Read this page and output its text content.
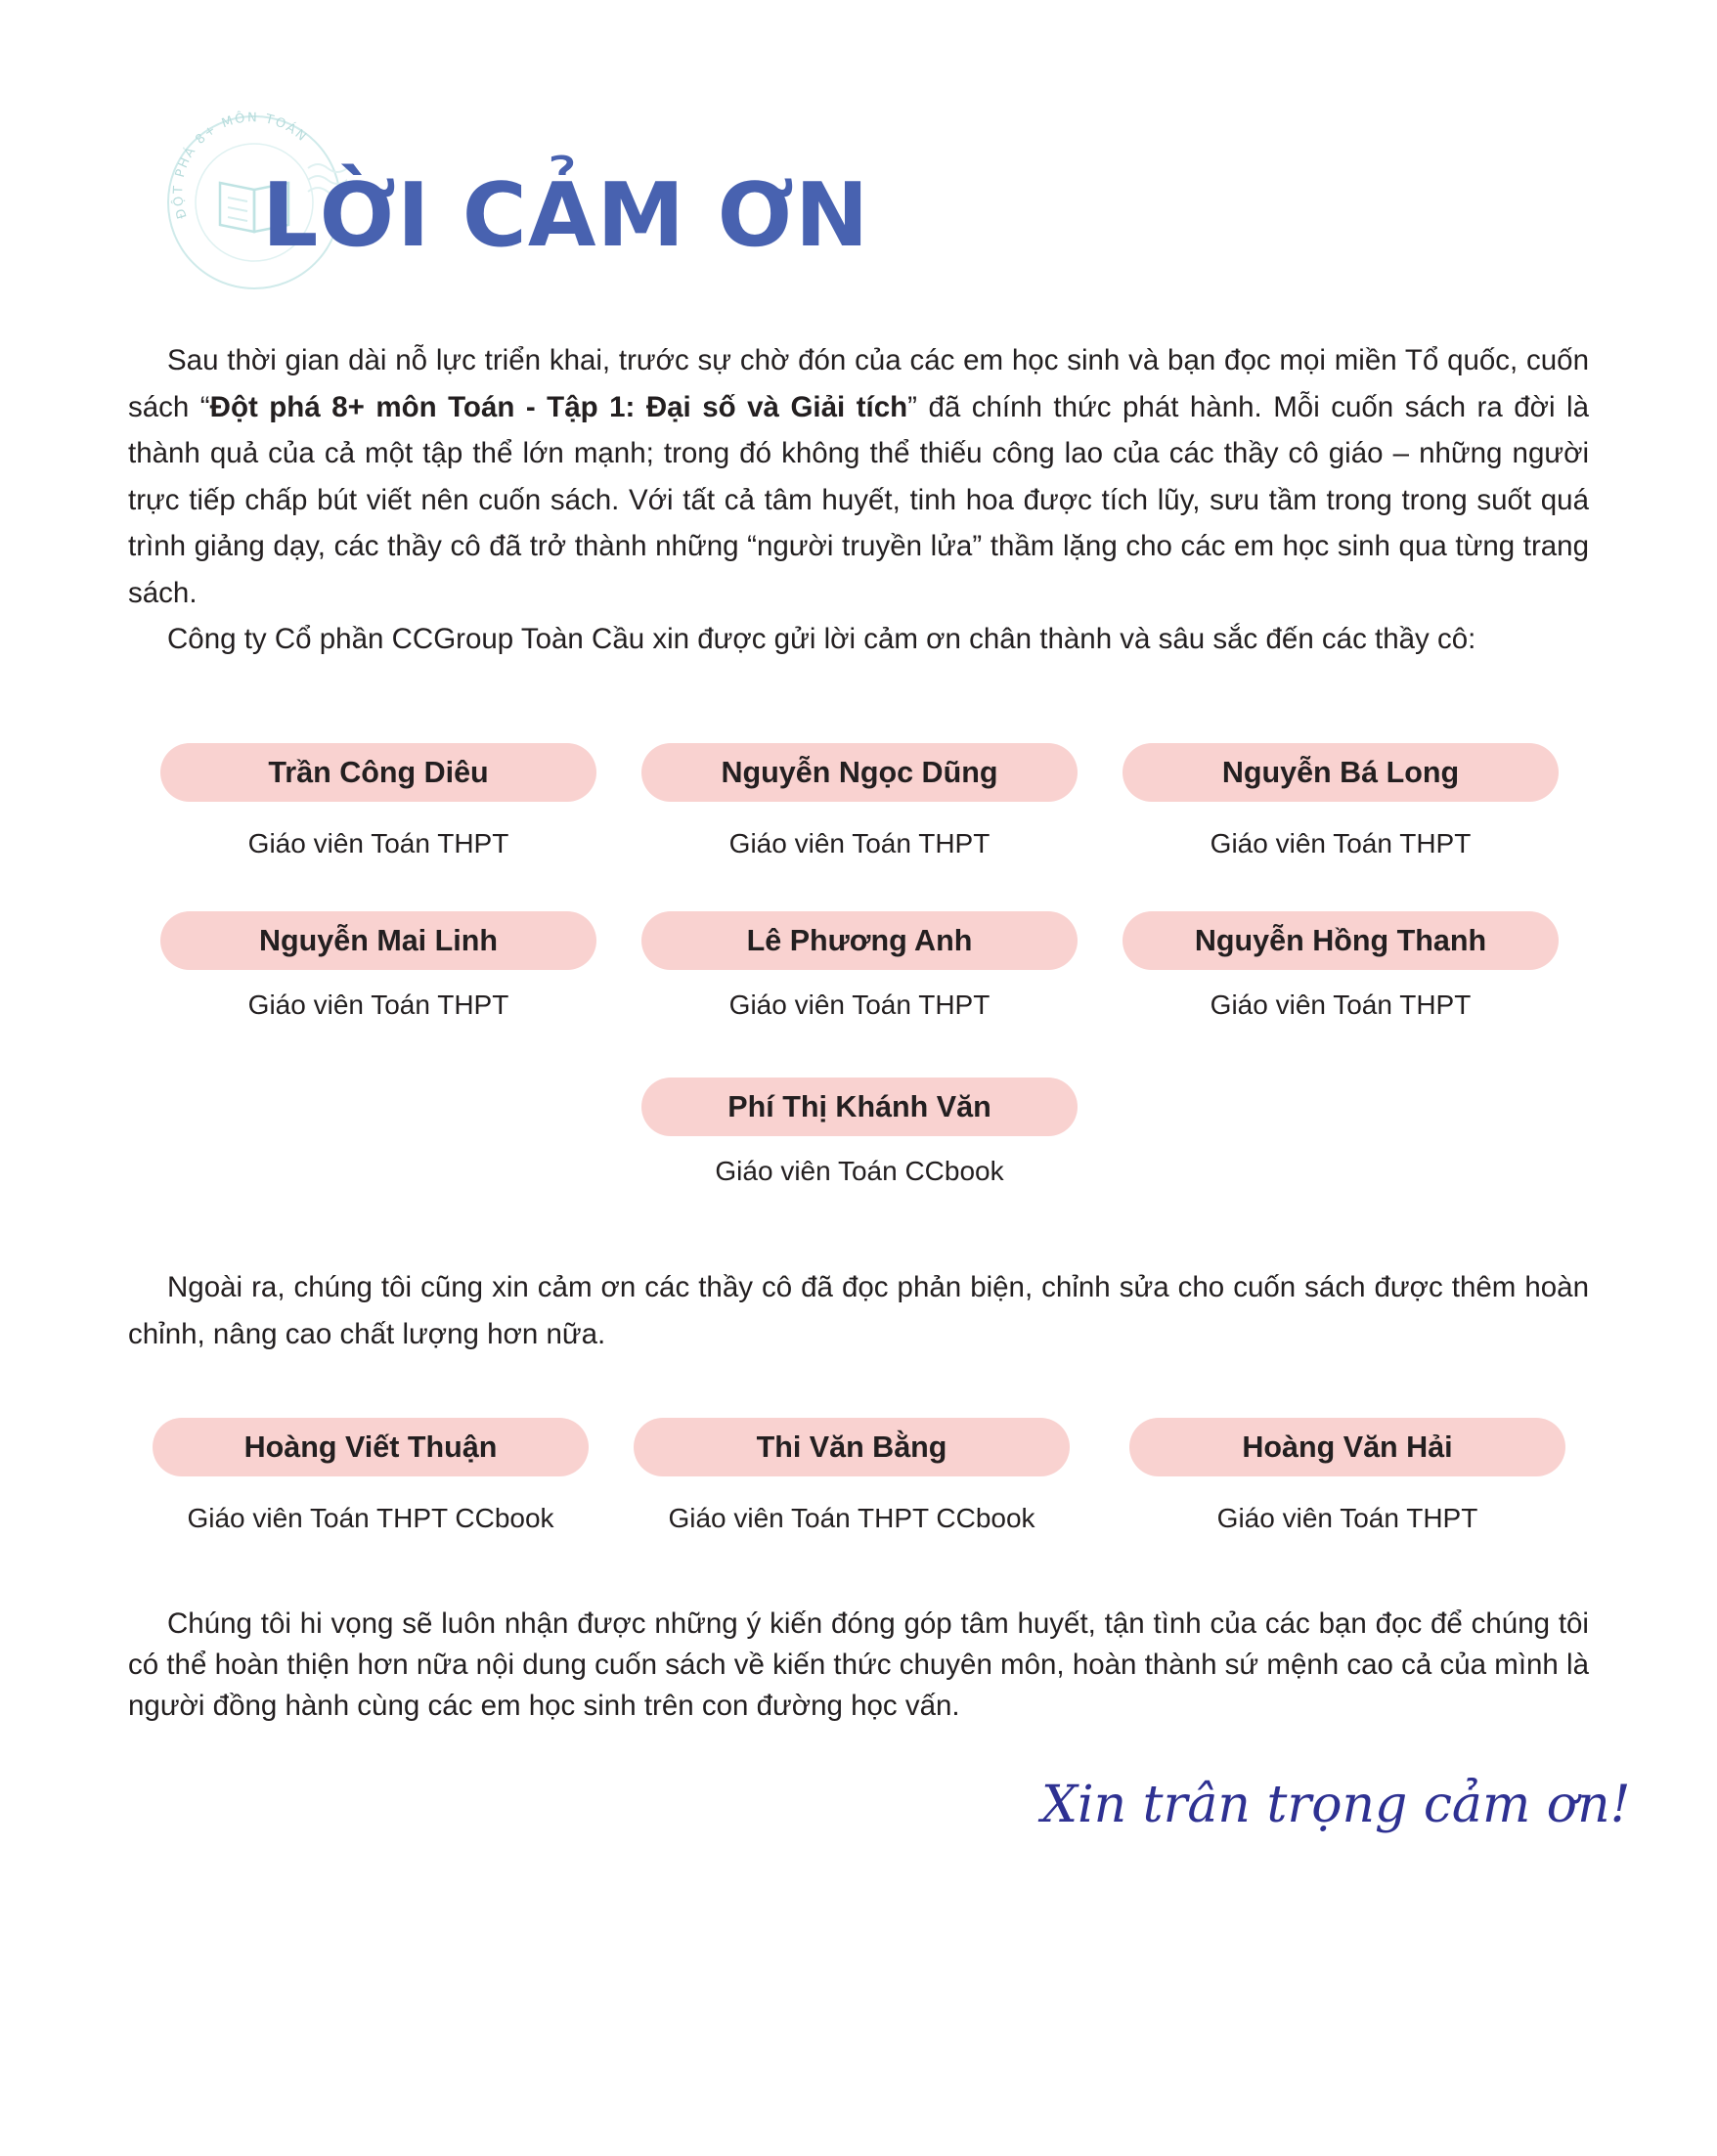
ĐỘT PHÁ 8+ MÔN TOÁN
LỜI CẢM ƠN

Sau thời gian dài nỗ lực triển khai, trước sự chờ đón của các em học sinh và bạn đọc mọi miền Tổ quốc, cuốn sách “Đột phá 8+ môn Toán - Tập 1: Đại số và Giải tích” đã chính thức phát hành. Mỗi cuốn sách ra đời là thành quả của cả một tập thể lớn mạnh; trong đó không thể thiếu công lao của các thầy cô giáo – những người trực tiếp chấp bút viết nên cuốn sách. Với tất cả tâm huyết, tinh hoa được tích lũy, sưu tầm trong trong suốt quá trình giảng dạy, các thầy cô đã trở thành những “người truyền lửa” thầm lặng cho các em học sinh qua từng trang sách.
Công ty Cổ phần CCGroup Toàn Cầu xin được gửi lời cảm ơn chân thành và sâu sắc đến các thầy cô:

Trần Công Diêu
Giáo viên Toán THPT
Nguyễn Ngọc Dũng
Giáo viên Toán THPT
Nguyễn Bá Long
Giáo viên Toán THPT
Nguyễn Mai Linh
Giáo viên Toán THPT
Lê Phương Anh
Giáo viên Toán THPT
Nguyễn Hồng Thanh
Giáo viên Toán THPT
Phí Thị Khánh Văn
Giáo viên Toán CCbook

Ngoài ra, chúng tôi cũng xin cảm ơn các thầy cô đã đọc phản biện, chỉnh sửa cho cuốn sách được thêm hoàn chỉnh, nâng cao chất lượng hơn nữa.

Hoàng Viết Thuận
Giáo viên Toán THPT CCbook
Thi Văn Bằng
Giáo viên Toán THPT CCbook
Hoàng Văn Hải
Giáo viên Toán THPT

Chúng tôi hi vọng sẽ luôn nhận được những ý kiến đóng góp tâm huyết, tận tình của các bạn đọc để chúng tôi có thể hoàn thiện hơn nữa nội dung cuốn sách về kiến thức chuyên môn, hoàn thành sứ mệnh cao cả của mình là người đồng hành cùng các em học sinh trên con đường học vấn.

Xin trân trọng cảm ơn!
